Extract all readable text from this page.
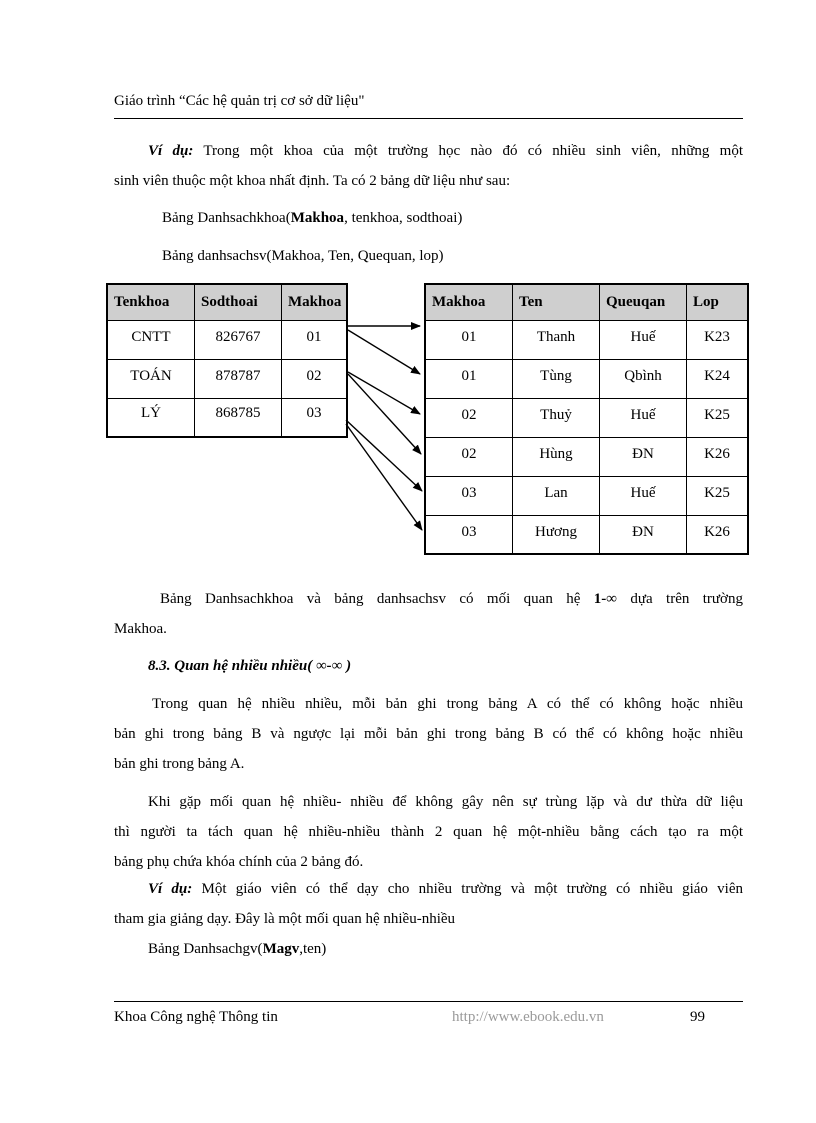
Giáo trình “Các hệ quản trị cơ sở dữ liệu"
Ví dụ: Trong một khoa của một trường học nào đó có nhiều sinh viên, những một
sinh viên thuộc một khoa nhất định. Ta có 2 bảng dữ liệu như sau:
Bảng Danhsachkhoa(Makhoa, tenkhoa, sodthoai)
Bảng danhsachsv(Makhoa, Ten, Quequan, lop)
Tenkhoa	Sodthoai	Makhoa
CNTT	826767	01
TOÁN	878787	02
LÝ	868785	03
Makhoa	Ten	Queuqan	Lop
01	Thanh	Huế	K23
01	Tùng	Qbình	K24
02	Thuỷ	Huế	K25
02	Hùng	ĐN	K26
03	Lan	Huế	K25
03	Hương	ĐN	K26
Bảng Danhsachkhoa và bảng danhsachsv có mối quan hệ 1-∞ dựa trên trường
Makhoa.
8.3. Quan hệ nhiều nhiều( ∞-∞ )
Trong quan hệ nhiều nhiều, mỗi bản ghi trong bảng A có thể có không hoặc nhiều
bản ghi trong bảng B và ngược lại mỗi bản ghi trong bảng B có thể có không hoặc nhiều
bản ghi trong bảng A.
Khi gặp mối quan hệ nhiều- nhiều để không gây nên sự trùng lặp và dư thừa dữ liệu
thì người ta tách quan hệ nhiều-nhiều thành 2 quan hệ một-nhiều bằng cách tạo ra một
bảng phụ chứa khóa chính của 2 bảng đó.
Ví dụ: Một giáo viên có thể dạy cho nhiều trường và một trường có nhiều giáo viên
tham gia giảng dạy. Đây là một mối quan hệ nhiều-nhiều
Bảng Danhsachgv(Magv,ten)
Khoa Công nghệ Thông tin	http://www.ebook.edu.vn	99
